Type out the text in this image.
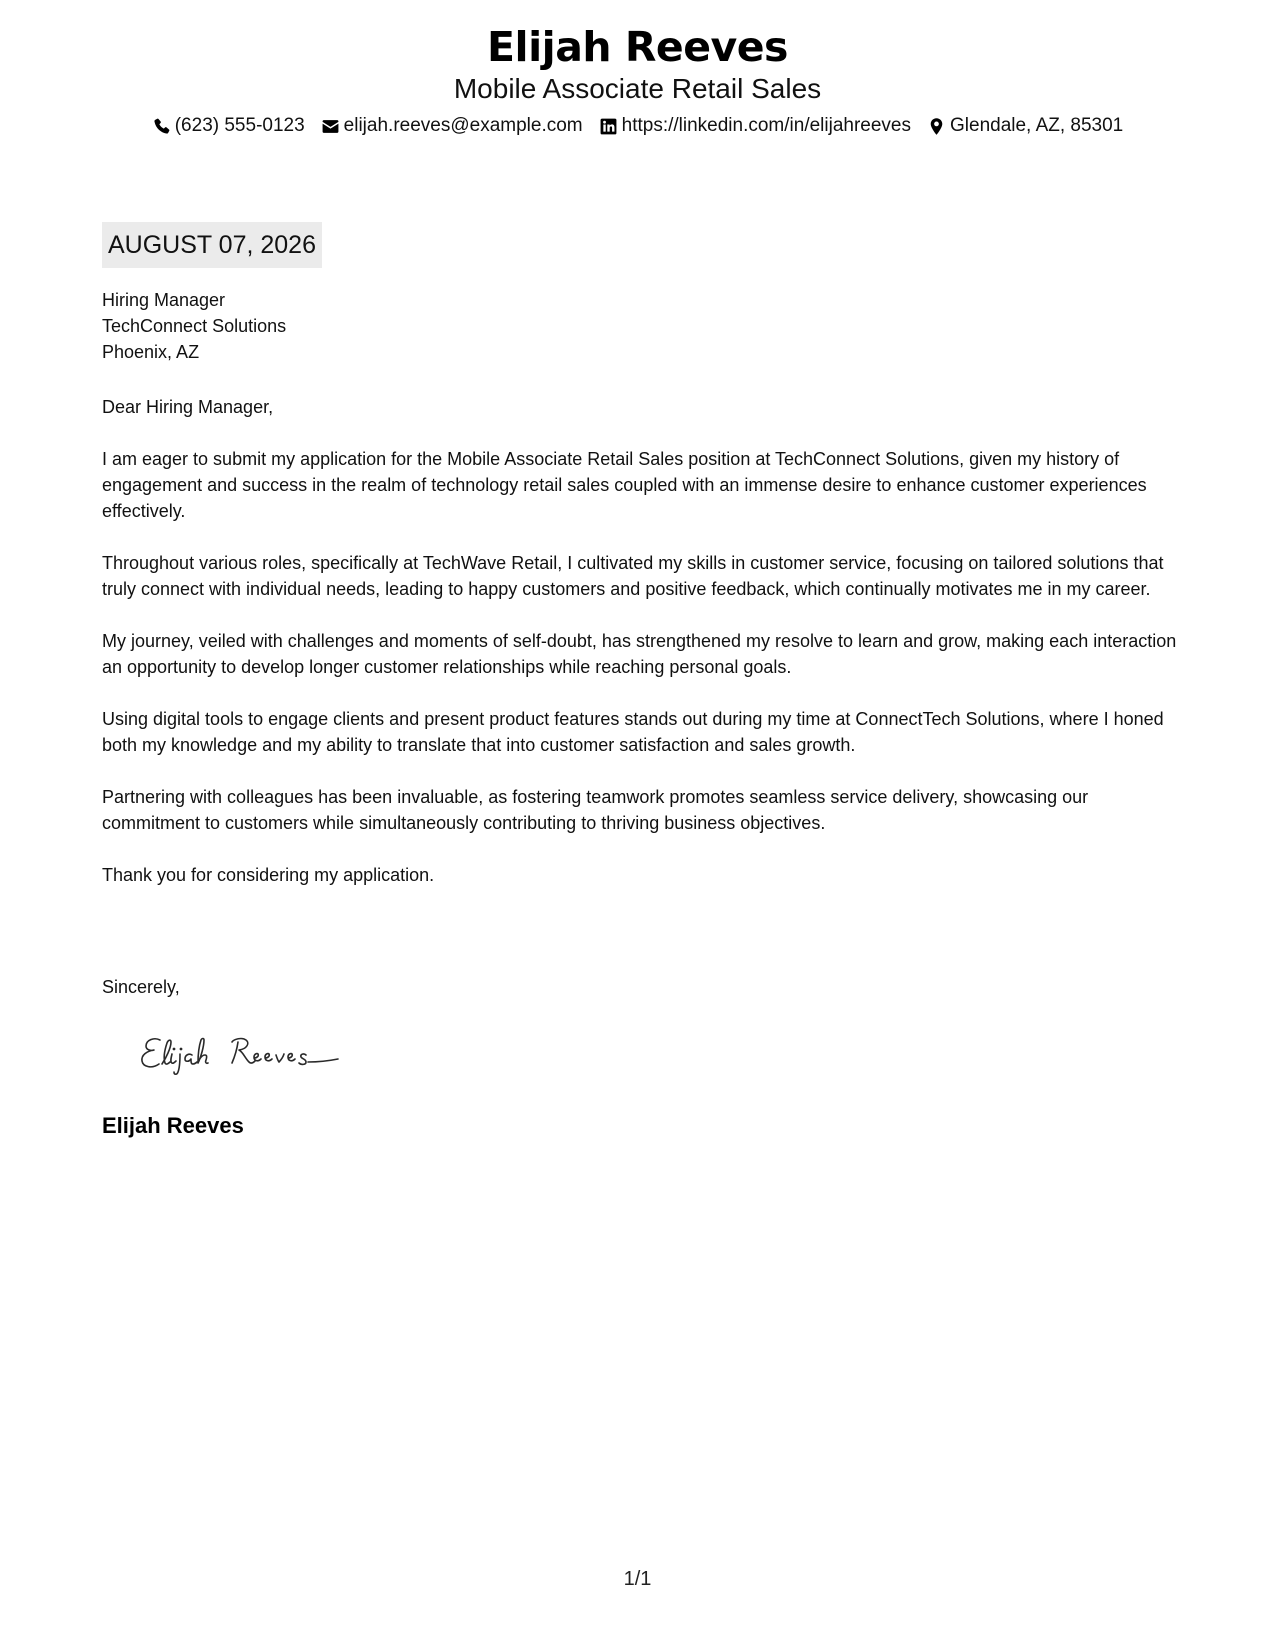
Elijah Reeves
Mobile Associate Retail Sales
(623) 555-0123 elijah.reeves@example.com https://linkedin.com/in/elijahreeves Glendale, AZ, 85301
AUGUST 07, 2026
Hiring Manager
TechConnect Solutions
Phoenix, AZ
Dear Hiring Manager,
I am eager to submit my application for the Mobile Associate Retail Sales position at TechConnect Solutions, given my history of engagement and success in the realm of technology retail sales coupled with an immense desire to enhance customer experiences effectively.
Throughout various roles, specifically at TechWave Retail, I cultivated my skills in customer service, focusing on tailored solutions that truly connect with individual needs, leading to happy customers and positive feedback, which continually motivates me in my career.
My journey, veiled with challenges and moments of self-doubt, has strengthened my resolve to learn and grow, making each interaction an opportunity to develop longer customer relationships while reaching personal goals.
Using digital tools to engage clients and present product features stands out during my time at ConnectTech Solutions, where I honed both my knowledge and my ability to translate that into customer satisfaction and sales growth.
Partnering with colleagues has been invaluable, as fostering teamwork promotes seamless service delivery, showcasing our commitment to customers while simultaneously contributing to thriving business objectives.
Thank you for considering my application.
Sincerely,
Elijah Reeves
1/1
